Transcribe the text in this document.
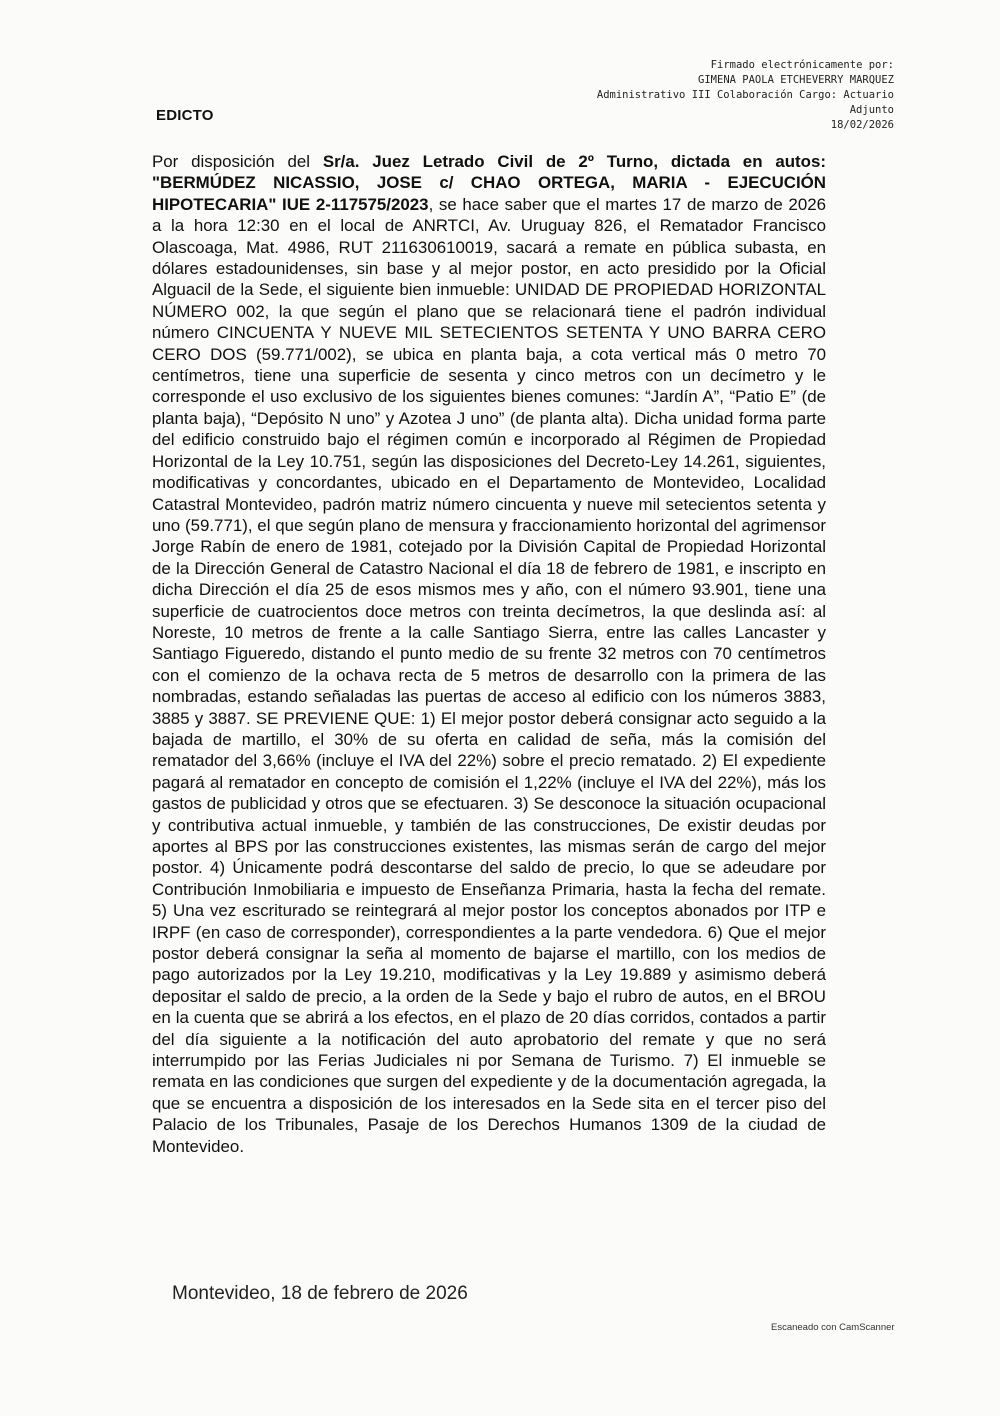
Firmado electrónicamente por:
GIMENA PAOLA ETCHEVERRY MARQUEZ
Administrativo III Colaboración Cargo: Actuario
Adjunto
18/02/2026
EDICTO

Por disposición del Sr/a. Juez Letrado Civil de 2º Turno, dictada en autos: "BERMÚDEZ NICASSIO, JOSE c/ CHAO ORTEGA, MARIA - EJECUCIÓN HIPOTECARIA" IUE 2-117575/2023, se hace saber que el martes 17 de marzo de 2026 a la hora 12:30 en el local de ANRTCI, Av. Uruguay 826, el Rematador Francisco Olascoaga, Mat. 4986, RUT 211630610019, sacará a remate en pública subasta, en dólares estadounidenses, sin base y al mejor postor, en acto presidido por la Oficial Alguacil de la Sede, el siguiente bien inmueble: UNIDAD DE PROPIEDAD HORIZONTAL NÚMERO 002, la que según el plano que se relacionará tiene el padrón individual número CINCUENTA Y NUEVE MIL SETECIENTOS SETENTA Y UNO BARRA CERO CERO DOS (59.771/002), se ubica en planta baja, a cota vertical más 0 metro 70 centímetros, tiene una superficie de sesenta y cinco metros con un decímetro y le corresponde el uso exclusivo de los siguientes bienes comunes: “Jardín A”, “Patio E” (de planta baja), “Depósito N uno” y Azotea J uno” (de planta alta). Dicha unidad forma parte del edificio construido bajo el régimen común e incorporado al Régimen de Propiedad Horizontal de la Ley 10.751, según las disposiciones del Decreto-Ley 14.261, siguientes, modificativas y concordantes, ubicado en el Departamento de Montevideo, Localidad Catastral Montevideo, padrón matriz número cincuenta y nueve mil setecientos setenta y uno (59.771), el que según plano de mensura y fraccionamiento horizontal del agrimensor Jorge Rabín de enero de 1981, cotejado por la División Capital de Propiedad Horizontal de la Dirección General de Catastro Nacional el día 18 de febrero de 1981, e inscripto en dicha Dirección el día 25 de esos mismos mes y año, con el número 93.901, tiene una superficie de cuatrocientos doce metros con treinta decímetros, la que deslinda así: al Noreste, 10 metros de frente a la calle Santiago Sierra, entre las calles Lancaster y Santiago Figueredo, distando el punto medio de su frente 32 metros con 70 centímetros con el comienzo de la ochava recta de 5 metros de desarrollo con la primera de las nombradas, estando señaladas las puertas de acceso al edificio con los números 3883, 3885 y 3887. SE PREVIENE QUE: 1) El mejor postor deberá consignar acto seguido a la bajada de martillo, el 30% de su oferta en calidad de seña, más la comisión del rematador del 3,66% (incluye el IVA del 22%) sobre el precio rematado. 2) El expediente pagará al rematador en concepto de comisión el 1,22% (incluye el IVA del 22%), más los gastos de publicidad y otros que se efectuaren. 3) Se desconoce la situación ocupacional y contributiva actual inmueble, y también de las construcciones, De existir deudas por aportes al BPS por las construcciones existentes, las mismas serán de cargo del mejor postor. 4) Únicamente podrá descontarse del saldo de precio, lo que se adeudare por Contribución Inmobiliaria e impuesto de Enseñanza Primaria, hasta la fecha del remate. 5) Una vez escriturado se reintegrará al mejor postor los conceptos abonados por ITP e IRPF (en caso de corresponder), correspondientes a la parte vendedora. 6) Que el mejor postor deberá consignar la seña al momento de bajarse el martillo, con los medios de pago autorizados por la Ley 19.210, modificativas y la Ley 19.889 y asimismo deberá depositar el saldo de precio, a la orden de la Sede y bajo el rubro de autos, en el BROU en la cuenta que se abrirá a los efectos, en el plazo de 20 días corridos, contados a partir del día siguiente a la notificación del auto aprobatorio del remate y que no será interrumpido por las Ferias Judiciales ni por Semana de Turismo. 7) El inmueble se remata en las condiciones que surgen del expediente y de la documentación agregada, la que se encuentra a disposición de los interesados en la Sede sita en el tercer piso del Palacio de los Tribunales, Pasaje de los Derechos Humanos 1309 de la ciudad de Montevideo.

Montevideo, 18 de febrero de 2026
Escaneado con CamScanner
